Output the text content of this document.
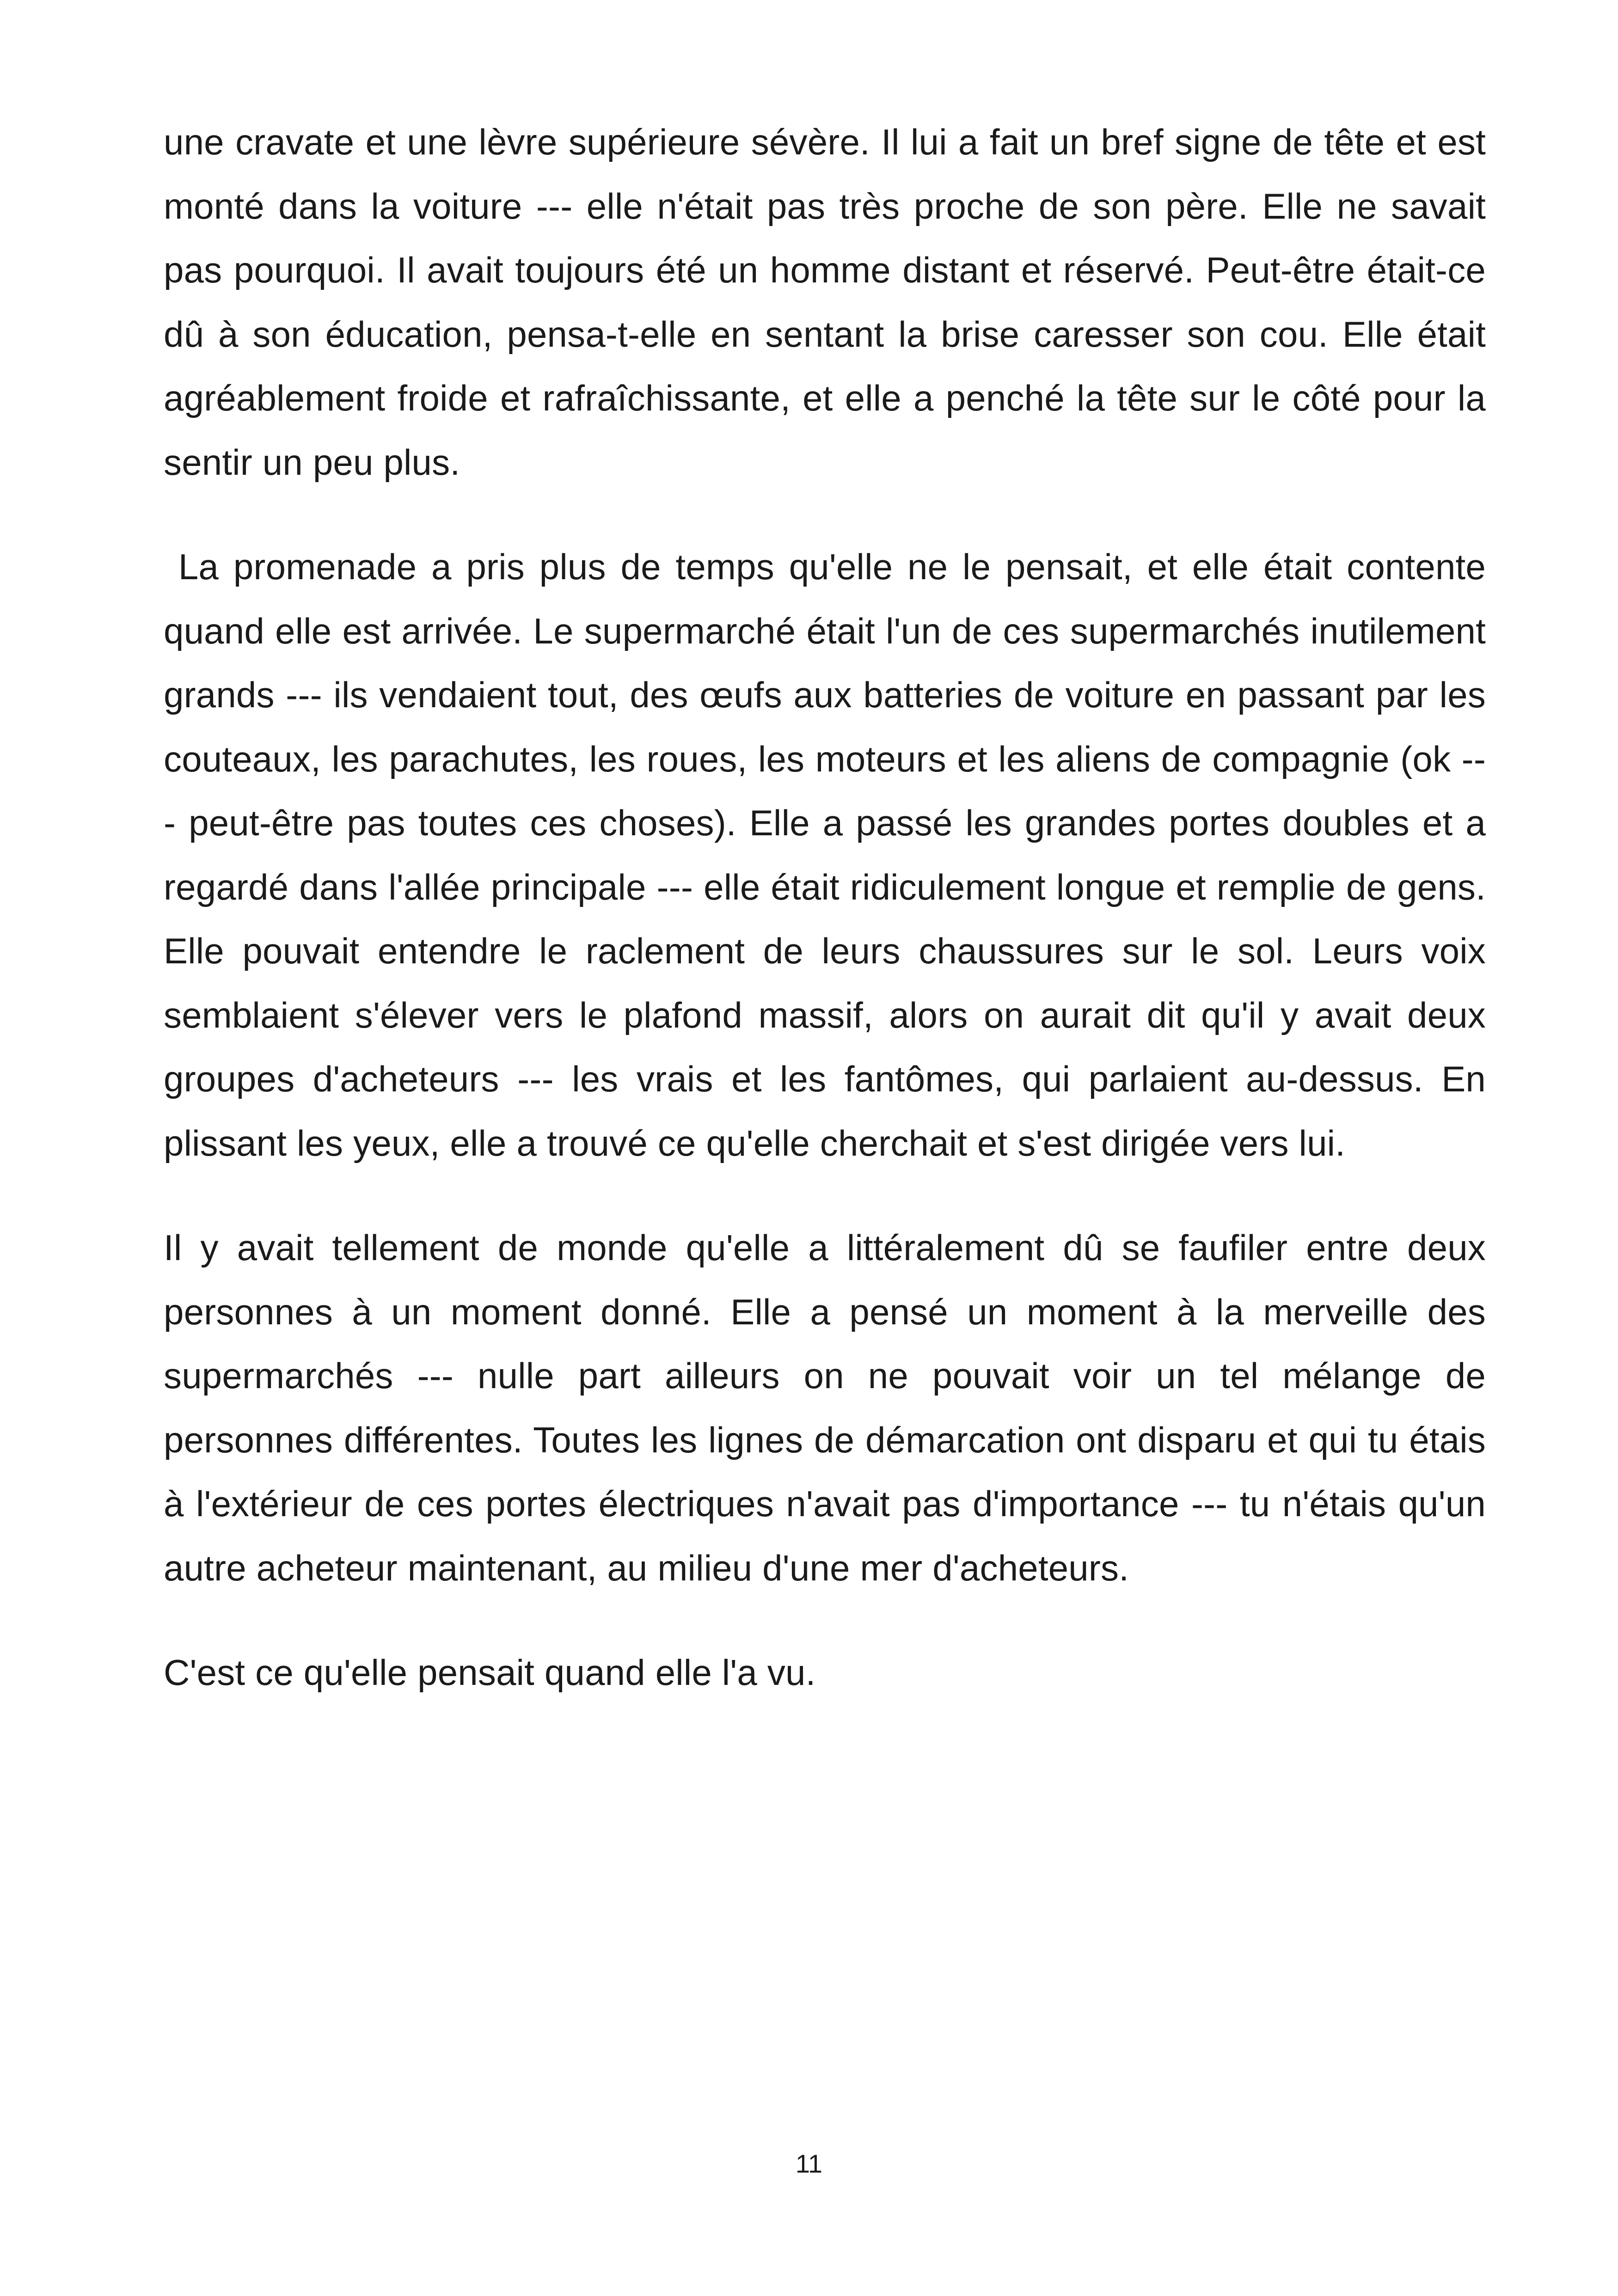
une cravate et une lèvre supérieure sévère. Il lui a fait un bref signe de tête et est monté dans la voiture --- elle n'était pas très proche de son père. Elle ne savait pas pourquoi. Il avait toujours été un homme distant et réservé. Peut-être était-ce dû à son éducation, pensa-t-elle en sentant la brise caresser son cou. Elle était agréablement froide et rafraîchissante, et elle a penché la tête sur le côté pour la sentir un peu plus.

La promenade a pris plus de temps qu'elle ne le pensait, et elle était contente quand elle est arrivée. Le supermarché était l'un de ces supermarchés inutilement grands --- ils vendaient tout, des œufs aux batteries de voiture en passant par les couteaux, les parachutes, les roues, les moteurs et les aliens de compagnie (ok --- peut-être pas toutes ces choses). Elle a passé les grandes portes doubles et a regardé dans l'allée principale --- elle était ridiculement longue et remplie de gens. Elle pouvait entendre le raclement de leurs chaussures sur le sol. Leurs voix semblaient s'élever vers le plafond massif, alors on aurait dit qu'il y avait deux groupes d'acheteurs --- les vrais et les fantômes, qui parlaient au-dessus. En plissant les yeux, elle a trouvé ce qu'elle cherchait et s'est dirigée vers lui.

Il y avait tellement de monde qu'elle a littéralement dû se faufiler entre deux personnes à un moment donné. Elle a pensé un moment à la merveille des supermarchés --- nulle part ailleurs on ne pouvait voir un tel mélange de personnes différentes. Toutes les lignes de démarcation ont disparu et qui tu étais à l'extérieur de ces portes électriques n'avait pas d'importance --- tu n'étais qu'un autre acheteur maintenant, au milieu d'une mer d'acheteurs.

C'est ce qu'elle pensait quand elle l'a vu.

11
